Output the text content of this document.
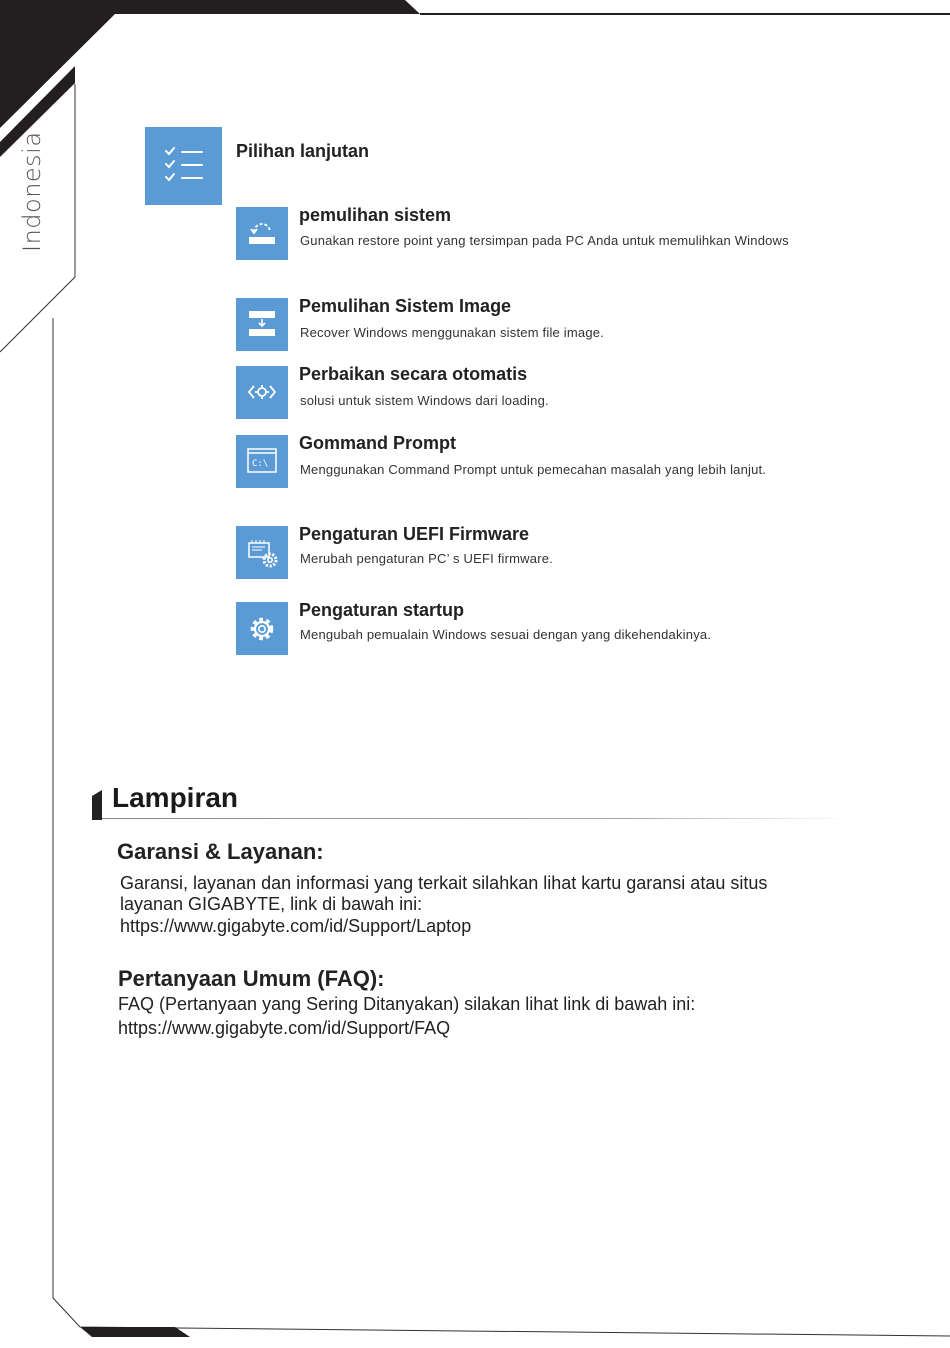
Indonesia	Pilihan lanjutan
pemulihan sistem
Gunakan restore point yang tersimpan pada PC Anda untuk memulihkan Windows
Pemulihan Sistem Image
Recover Windows menggunakan sistem file image.
Perbaikan secara otomatis
solusi untuk sistem Windows dari loading.
C:\
Gommand Prompt
Menggunakan Command Prompt untuk pemecahan masalah yang lebih lanjut.
Pengaturan UEFI Firmware
Merubah pengaturan PC’ s UEFI firmware.
Pengaturan startup
Mengubah pemualain Windows sesuai dengan yang dikehendakinya.
Lampiran
Garansi & Layanan:
Garansi, layanan dan informasi yang terkait silahkan lihat kartu garansi atau situs
layanan GIGABYTE, link di bawah ini:
https://www.gigabyte.com/id/Support/Laptop
Pertanyaan Umum (FAQ):
FAQ (Pertanyaan yang Sering Ditanyakan) silakan lihat link di bawah ini:
https://www.gigabyte.com/id/Support/FAQ
